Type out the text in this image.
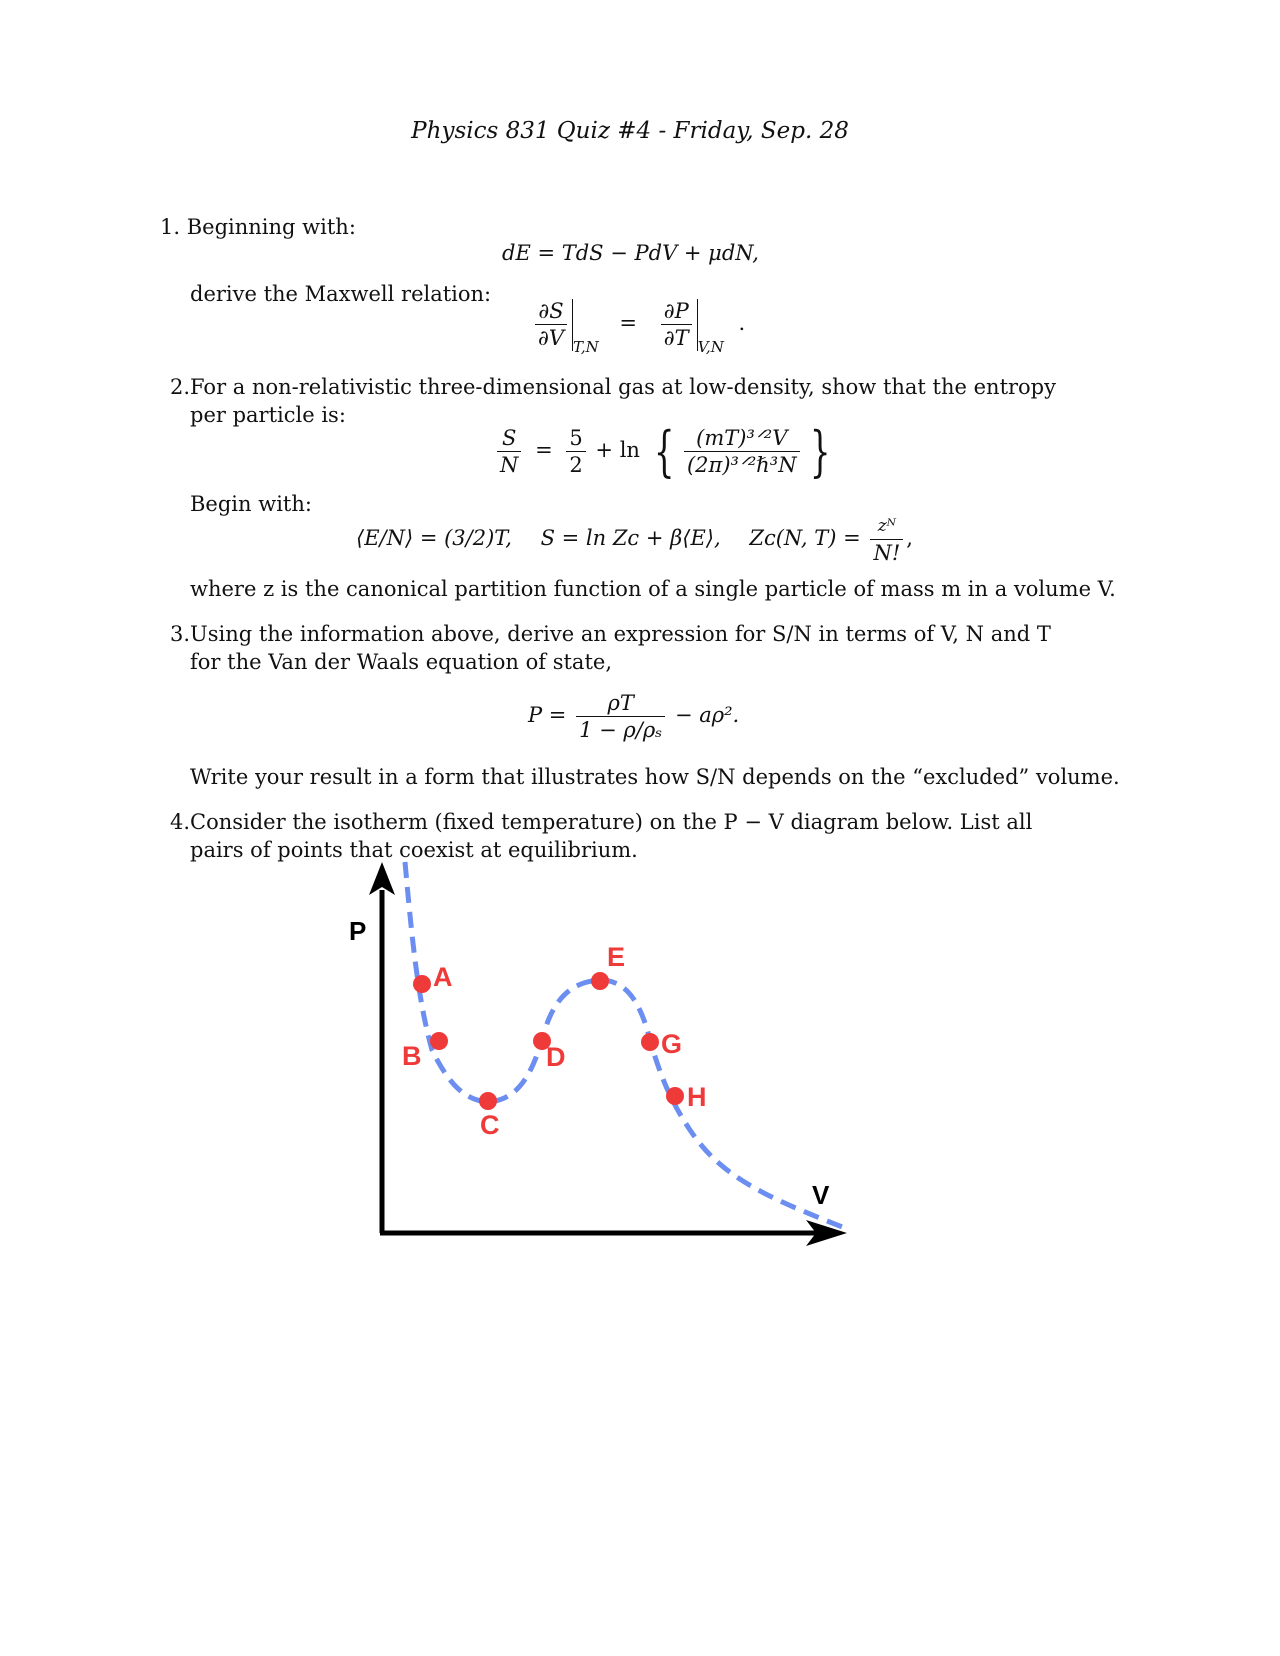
Physics 831 Quiz #4 - Friday, Sep. 28
1. Beginning with:
dE = TdS − PdV + μdN,
derive the Maxwell relation:
$\frac{\partial S}{\partial V} _{T,N} = \frac{\partial P}{\partial T} _{V,N}$ .
2. For a non-relativistic three-dimensional gas at low-density, show that the entropy per particle is:
$\frac{S}{N} = \frac{5}{2} + \ln$ { $\frac{\text{(mT)³ᐟ²V}}{\text{(2π)³ᐟ²ℏ³N}}$ }
Begin with:
⟨E/N⟩ = (3/2)T, S = ln Zᴄ + β⟨E⟩, Zᴄ(N, $T) = \frac{\text{zᴺ}}{N!}$ ,
where z is the canonical partition function of a single particle of mass m in a volume V.
3. Using the information above, derive an expression for S/N in terms of V, N and T for the Van der Waals equation of state,
$P = \frac{\rho T}{\text{1 − ρ/ρₛ}} - a\rho^2$.
Write your result in a form that illustrates how S/N depends on the “excluded” volume.
4. Consider the isotherm (fixed temperature) on the P − V diagram below. List all pairs of points that coexist at equilibrium.
P
V
A
B
C
D
E
G
H
